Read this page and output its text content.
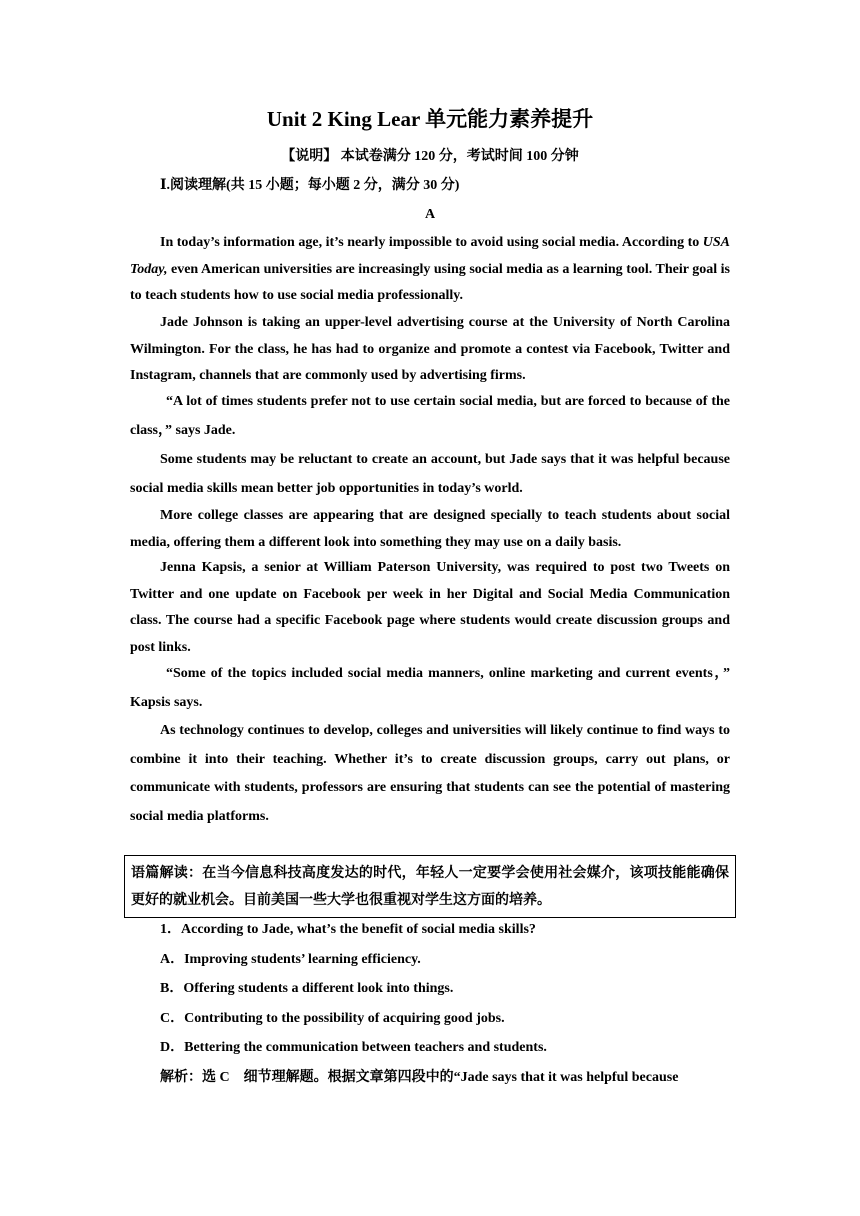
Unit 2 King Lear 单元能力素养提升
【说明】 本试卷满分 120 分，考试时间 100 分钟
Ⅰ.阅读理解(共 15 小题；每小题 2 分，满分 30 分)
A

In today’s information age, it’s nearly impossible to avoid using social media. According to USA Today, even American universities are increasingly using social media as a learning tool. Their goal is to teach students how to use social media professionally.

Jade Johnson is taking an upper-level advertising course at the University of North Carolina Wilmington. For the class, he has had to organize and promote a contest via Facebook, Twitter and Instagram, channels that are commonly used by advertising firms.

“A lot of times students prefer not to use certain social media, but are forced to because of the class，” says Jade.

Some students may be reluctant to create an account, but Jade says that it was helpful because social media skills mean better job opportunities in today’s world.

More college classes are appearing that are designed specially to teach students about social media, offering them a different look into something they may use on a daily basis.

Jenna Kapsis, a senior at William Paterson University, was required to post two Tweets on Twitter and one update on Facebook per week in her Digital and Social Media Communication class. The course had a specific Facebook page where students would create discussion groups and post links.

“Some of the topics included social media manners, online marketing and current events，” Kapsis says.

As technology continues to develop, colleges and universities will likely continue to find ways to combine it into their teaching. Whether it’s to create discussion groups, carry out plans, or communicate with students, professors are ensuring that students can see the potential of mastering social media platforms.

语篇解读：在当今信息科技高度发达的时代，年轻人一定要学会使用社会媒介，该项技能能确保更好的就业机会。目前美国一些大学也很重视对学生这方面的培养。

1．According to Jade, what’s the benefit of social media skills?
A．Improving students’ learning efficiency.
B．Offering students a different look into things.
C．Contributing to the possibility of acquiring good jobs.
D．Bettering the communication between teachers and students.
解析：选 C　细节理解题。根据文章第四段中的“Jade says that it was helpful because
